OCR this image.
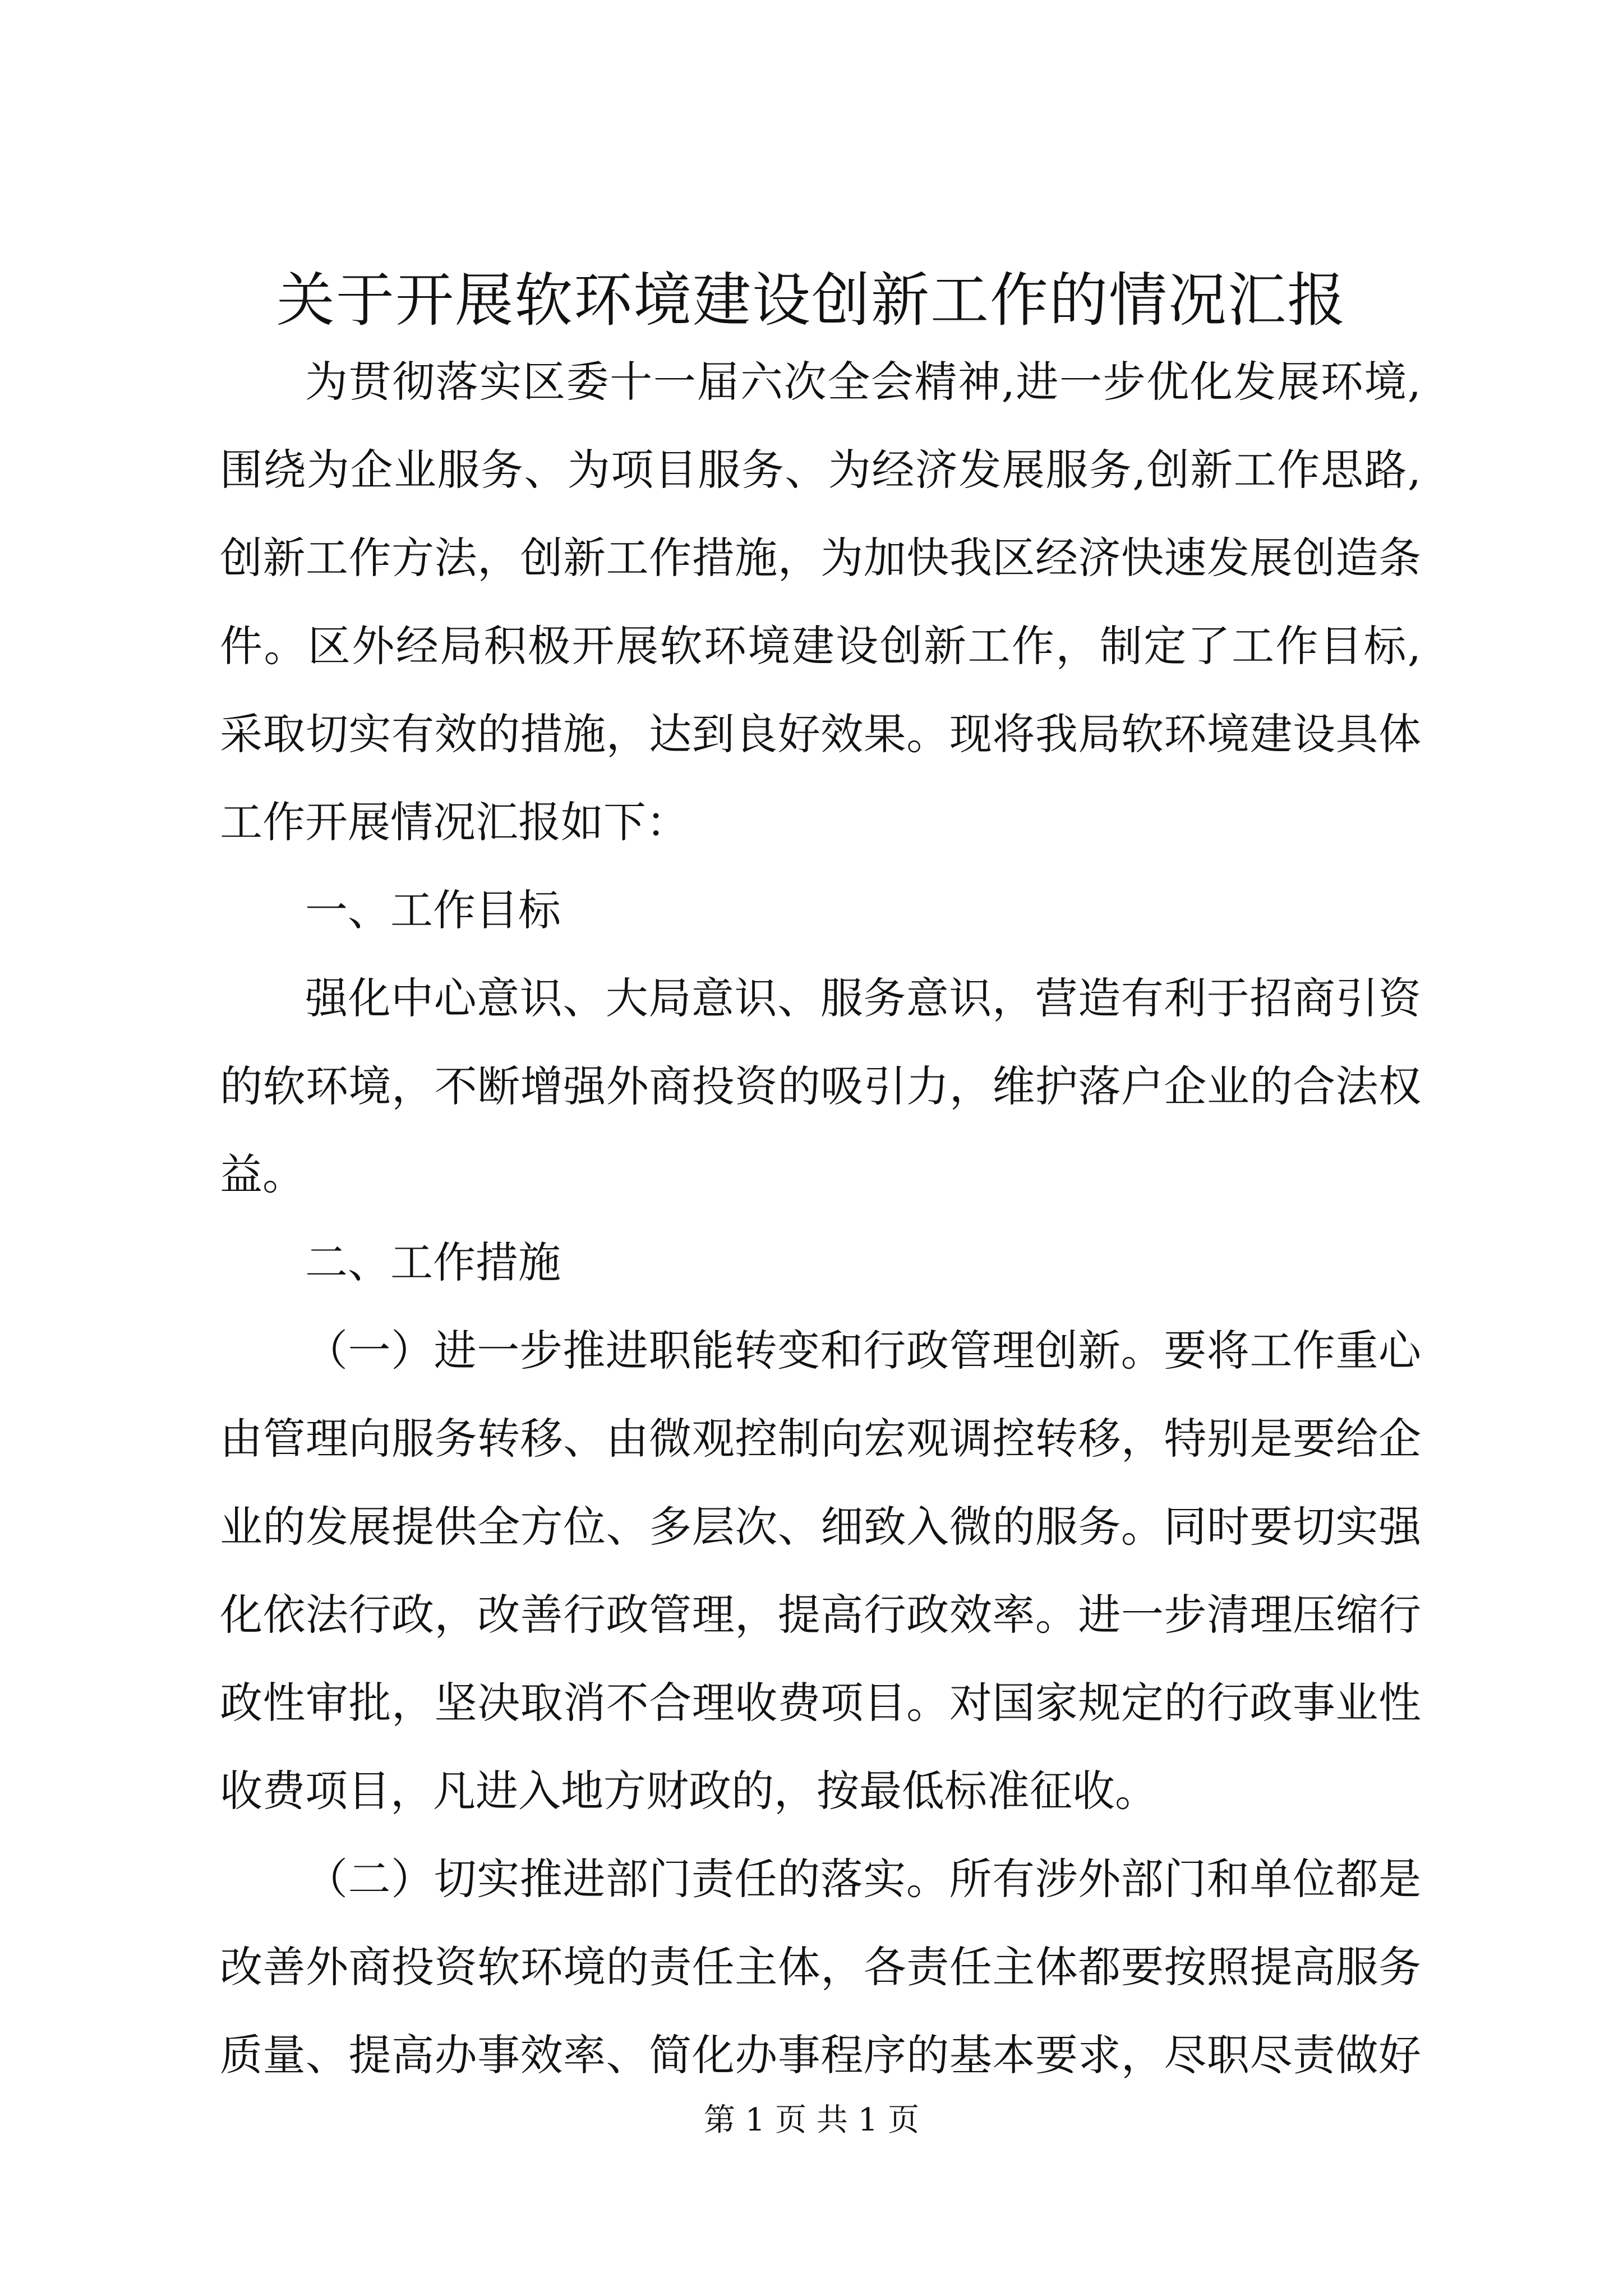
关于开展软环境建设创新工作的情况汇报
为贯彻落实区委十一届六次全会精神,进一步优化发展环境,
围绕为企业服务、为项目服务、为经济发展服务,创新工作思路,
创新工作方法，创新工作措施，为加快我区经济快速发展创造条
件。区外经局积极开展软环境建设创新工作，制定了工作目标,
采取切实有效的措施，达到良好效果。现将我局软环境建设具体
工作开展情况汇报如下：
一、工作目标
强化中心意识、大局意识、服务意识，营造有利于招商引资
的软环境，不断增强外商投资的吸引力，维护落户企业的合法权
益。
二、工作措施
（一）进一步推进职能转变和行政管理创新。要将工作重心
由管理向服务转移、由微观控制向宏观调控转移，特别是要给企
业的发展提供全方位、多层次、细致入微的服务。同时要切实强
化依法行政，改善行政管理，提高行政效率。进一步清理压缩行
政性审批，坚决取消不合理收费项目。对国家规定的行政事业性
收费项目，凡进入地方财政的，按最低标准征收。
（二）切实推进部门责任的落实。所有涉外部门和单位都是
改善外商投资软环境的责任主体，各责任主体都要按照提高服务
质量、提高办事效率、简化办事程序的基本要求，尽职尽责做好
第 1 页 共 1 页
